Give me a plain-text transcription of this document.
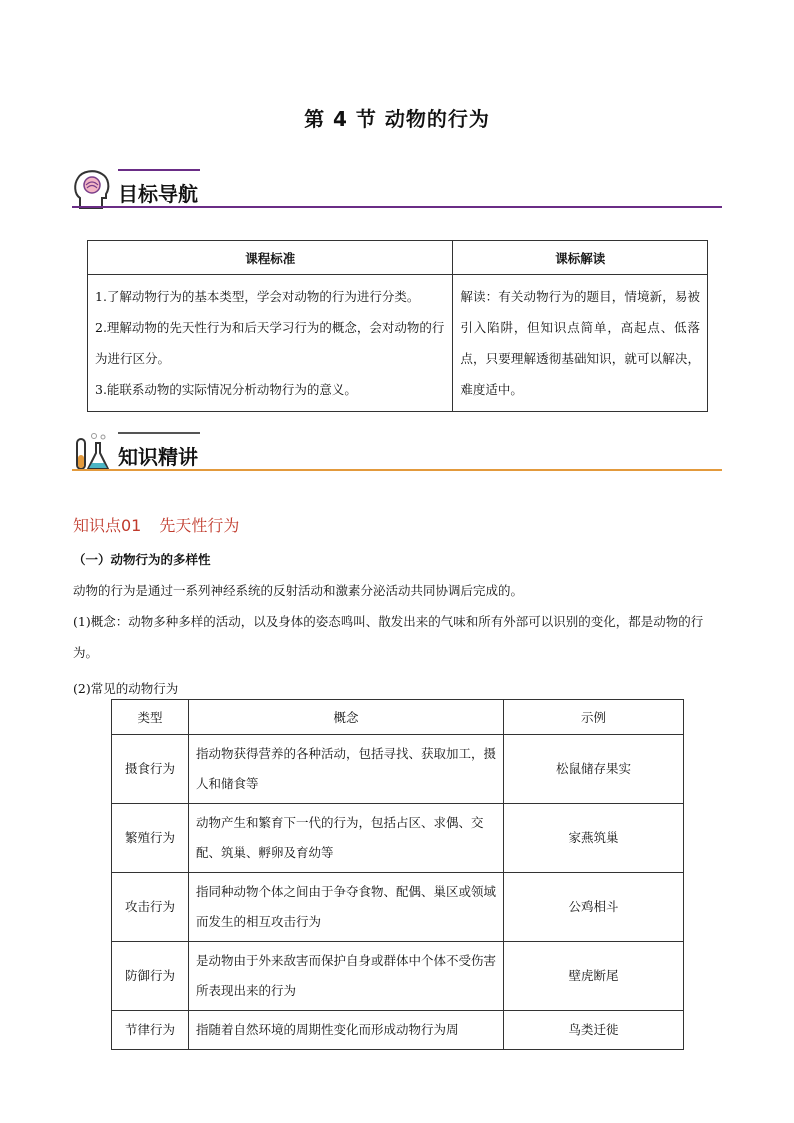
第 4 节 动物的行为
目标导航
课程标准	课标解读

1.了解动物行为的基本类型，学会对动物的行为进行分类。
2.理解动物的先天性行为和后天学习行为的概念，会对动物的行为进行区分。
3.能联系动物的实际情况分析动物行为的意义。	解读：有关动物行为的题目，情境新，易被引入陷阱，但知识点简单，高起点、低落点，只要理解透彻基础知识，就可以解决，难度适中。
知识精讲
知识点01 先天性行为
（一）动物行为的多样性
动物的行为是通过一系列神经系统的反射活动和激素分泌活动共同协调后完成的。
(1)概念：动物多种多样的活动，以及身体的姿态鸣叫、散发出来的气味和所有外部可以识别的变化，都是动物的行为。
(2)常见的动物行为
类型	概念	示例
摄食行为	指动物获得营养的各种活动，包括寻找、获取加工，摄人和储食等	松鼠储存果实
繁殖行为	动物产生和繁育下一代的行为，包括占区、求偶、交配、筑巢、孵卵及育幼等	家燕筑巢
攻击行为	指同种动物个体之间由于争夺食物、配偶、巢区或领域而发生的相互攻击行为	公鸡相斗
防御行为	是动物由于外来敌害而保护自身或群体中个体不受伤害所表现出来的行为	壁虎断尾
节律行为	指随着自然环境的周期性变化而形成动物行为周	鸟类迁徙
